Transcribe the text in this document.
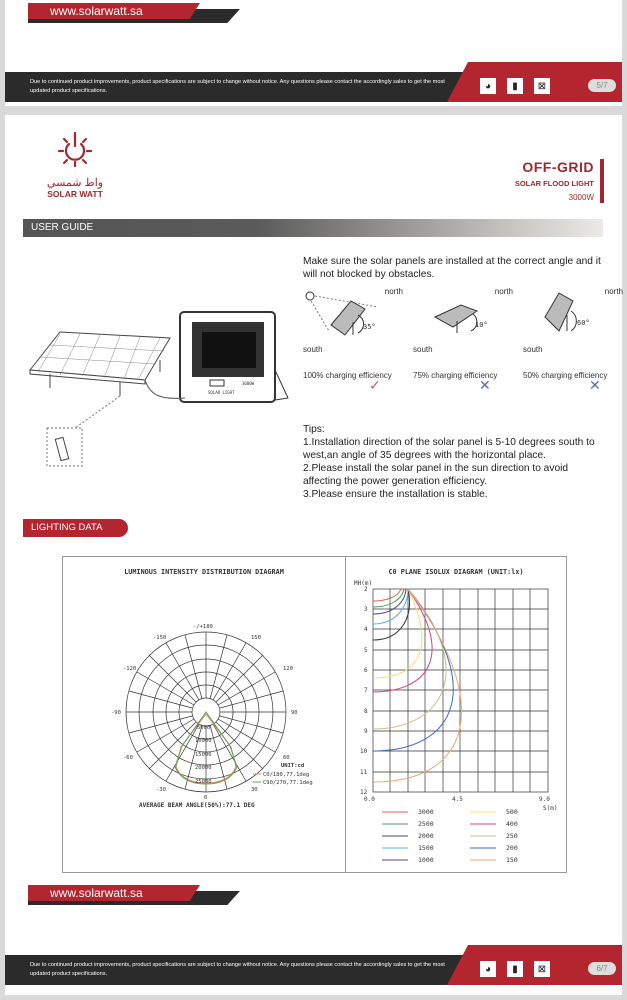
www.solarwatt.sa
Due to continued product improvements, product specifications are subject to change without notice. Any questions please contact the accordingly sales to get the most updated product specifications.	◕	▮	⊠	5/7
واط شمسي
SOLAR WATT
OFF-GRID
SOLAR FLOOD LIGHT
3000W
USER GUIDE
SOLAR LIGHT
3000W
Make sure the solar panels are installed at the correct angle and it will not blocked by obstacles.
35°
north
south
100% charging efficiency
✓
10°
north
south
75% charging efficiency
✕
60°
north
south
50% charging efficiency
✕
Tips:
1.Installation direction of the solar panel is 5-10 degrees south to west,an angle of 35 degrees with the horizontal place.
2.Please install the solar panel in the sun direction to avoid affecting the power generation efficiency.
3.Please ensure the installation is stable.
LIGHTING DATA
LUMINOUS INTENSITY DISTRIBUTION DIAGRAM
-/+180
-150	150
-120	120
-90	90
-60	60
-30	30
0
5000
10000
15000
20000
25000
UNIT:cd
C0/180,77.1deg
C90/270,77.1deg
AVERAGE BEAM ANGLE(50%):77.1 DEG
C0 PLANE ISOLUX DIAGRAM (UNIT:lx)
MH(m)
2
3
4
5
6
7
8
9
10
11
12
0.0	4.5	9.0
S(m)
3000
2500
2000
1500
1000
500
400
250
200
150
www.solarwatt.sa
Due to continued product improvements, product specifications are subject to change without notice. Any questions please contact the accordingly sales to get the most updated product specifications.	◕	▮	⊠	6/7
